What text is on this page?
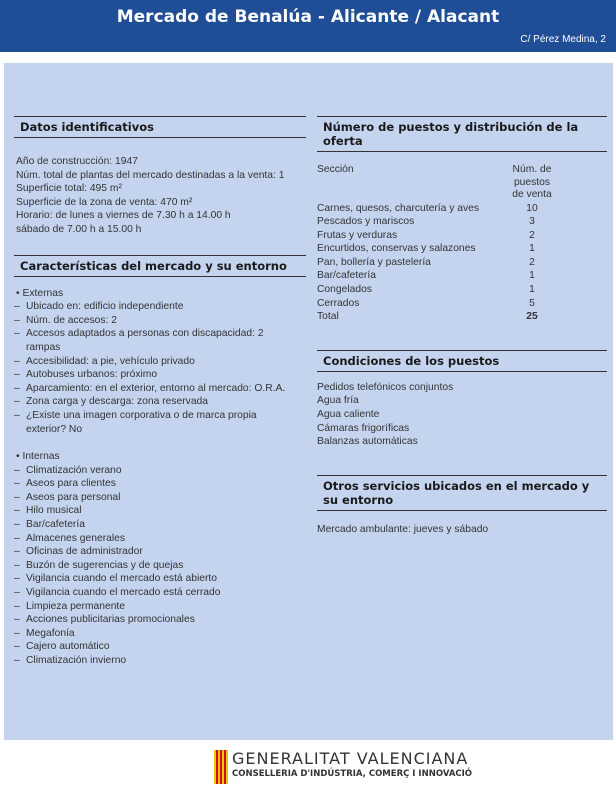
Mercado de Benalúa - Alicante / Alacant
C/ Pérez Medina, 2
Datos identificativos
Año de construcción: 1947
Núm. total de plantas del mercado destinadas a la venta: 1
Superficie total: 495 m²
Superficie de la zona de venta: 470 m²
Horario: de lunes a viernes de 7.30 h a 14.00 h
sábado de 7.00 h a 15.00 h
Características del mercado y su entorno
• Externas
– Ubicado en: edificio independiente
– Núm. de accesos: 2
– Accesos adaptados a personas con discapacidad: 2 rampas
– Accesibilidad: a pie, vehículo privado
– Autobuses urbanos: próximo
– Aparcamiento: en el exterior, entorno al mercado: O.R.A.
– Zona carga y descarga: zona reservada
– ¿Existe una imagen corporativa o de marca propia exterior? No
• Internas
– Climatización verano
– Aseos para clientes
– Aseos para personal
– Hilo musical
– Bar/cafetería
– Almacenes generales
– Oficinas de administrador
– Buzón de sugerencias y de quejas
– Vigilancia cuando el mercado está abierto
– Vigilancia cuando el mercado está cerrado
– Limpieza permanente
– Acciones publicitarias promocionales
– Megafonía
– Cajero automático
– Climatización invierno
Número de puestos y distribución de la oferta
Sección	Núm. de puestos
de venta

Carnes, quesos, charcutería y aves	10
Pescados y mariscos	3
Frutas y verduras	2
Encurtidos, conservas y salazones	1
Pan, bollería y pastelería	2
Bar/cafetería	1
Congelados	1
Cerrados	5
Total	25
Condiciones de los puestos
Pedidos telefónicos conjuntos
Agua fría
Agua caliente
Cámaras frigoríficas
Balanzas automáticas
Otros servicios ubicados en el mercado y
su entorno
Mercado ambulante: jueves y sábado
GENERALITAT VALENCIANA
CONSELLERIA D'INDÚSTRIA, COMERÇ I INNOVACIÓ
